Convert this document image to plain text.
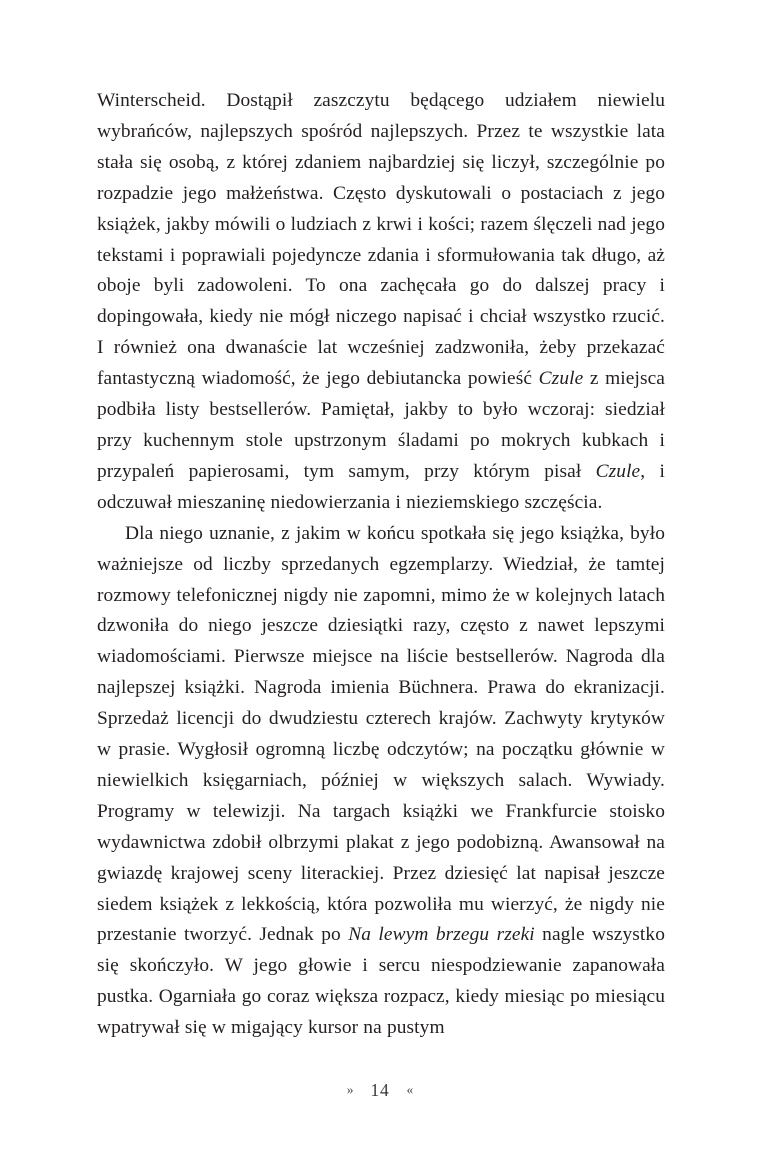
Winterscheid. Dostąpił zaszczytu będącego udziałem niewielu wybrańców, najlepszych spośród najlepszych. Przez te wszystkie lata stała się osobą, z której zdaniem najbardziej się liczył, szczególnie po rozpadzie jego małżeństwa. Często dyskutowali o postaciach z jego książek, jakby mówili o ludziach z krwi i kości; razem ślęczeli nad jego tekstami i poprawiali pojedyncze zdania i sformułowania tak długo, aż oboje byli zadowoleni. To ona zachęcała go do dalszej pracy i dopingowała, kiedy nie mógł niczego napisać i chciał wszystko rzucić. I również ona dwanaście lat wcześniej zadzwoniła, żeby przekazać fantastyczną wiadomość, że jego debiutancka powieść Czule z miejsca podbiła listy bestsellerów. Pamiętał, jakby to było wczoraj: siedział przy kuchennym stole upstrzonym śladami po mokrych kubkach i przypaleń papierosami, tym samym, przy którym pisał Czule, i odczuwał mieszaninę niedowierzania i nieziemskiego szczęścia.

Dla niego uznanie, z jakim w końcu spotkała się jego książka, było ważniejsze od liczby sprzedanych egzemplarzy. Wiedział, że tamtej rozmowy telefonicznej nigdy nie zapomni, mimo że w kolejnych latach dzwoniła do niego jeszcze dziesiątki razy, często z nawet lepszymi wiadomościami. Pierwsze miejsce na liście bestsellerów. Nagroda dla najlepszej książki. Nagroda imienia Büchnera. Prawa do ekranizacji. Sprzedaż licencji do dwudziestu czterech krajów. Zachwyty krytyкów w prasie. Wygłosił ogromną liczbę odczytów; na początku głównie w niewielkich księgarniach, później w większych salach. Wywiady. Programy w telewizji. Na targach książki we Frankfurcie stoisko wydawnictwa zdobił olbrzymi plakat z jego podobizną. Awansował na gwiazdę krajowej sceny literackiej. Przez dziesięć lat napisał jeszcze siedem książek z lekkością, która pozwoliła mu wierzyć, że nigdy nie przestanie tworzyć. Jednak po Na lewym brzegu rzeki nagle wszystko się skończyło. W jego głowie i sercu niespodziewanie zapanowała pustka. Ogarniała go coraz większa rozpacz, kiedy miesiąc po miesiącu wpatrywał się w migający kursor na pustym

» 14 «
